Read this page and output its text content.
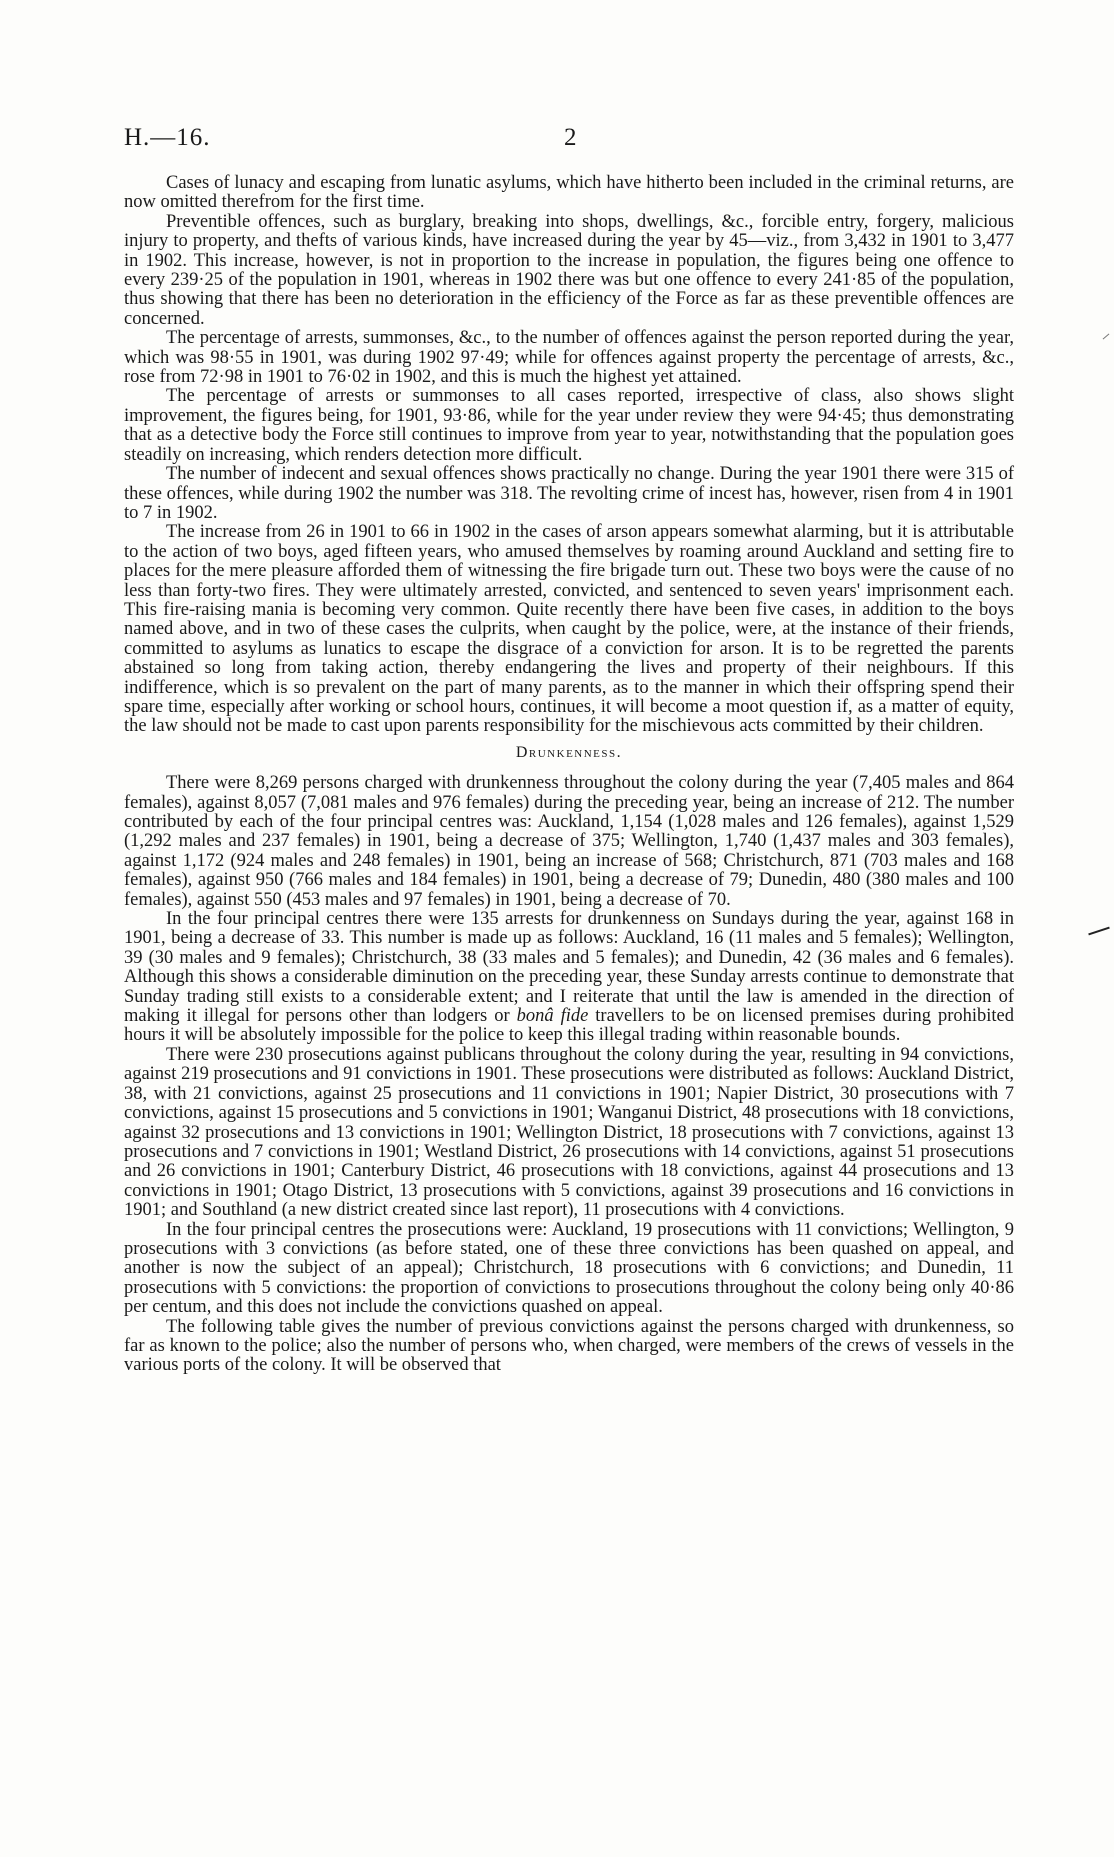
H.—16.	2

Cases of lunacy and escaping from lunatic asylums, which have hitherto been included in the criminal returns, are now omitted therefrom for the first time.

Preventible offences, such as burglary, breaking into shops, dwellings, &c., forcible entry, forgery, malicious injury to property, and thefts of various kinds, have increased during the year by 45—viz., from 3,432 in 1901 to 3,477 in 1902. This increase, however, is not in proportion to the increase in population, the figures being one offence to every 239·25 of the population in 1901, whereas in 1902 there was but one offence to every 241·85 of the population, thus showing that there has been no deterioration in the efficiency of the Force as far as these preventible offences are concerned.

The percentage of arrests, summonses, &c., to the number of offences against the person reported during the year, which was 98·55 in 1901, was during 1902 97·49; while for offences against property the percentage of arrests, &c., rose from 72·98 in 1901 to 76·02 in 1902, and this is much the highest yet attained.

The percentage of arrests or summonses to all cases reported, irrespective of class, also shows slight improvement, the figures being, for 1901, 93·86, while for the year under review they were 94·45; thus demonstrating that as a detective body the Force still continues to improve from year to year, notwithstanding that the population goes steadily on increasing, which renders detection more difficult.

The number of indecent and sexual offences shows practically no change. During the year 1901 there were 315 of these offences, while during 1902 the number was 318. The revolting crime of incest has, however, risen from 4 in 1901 to 7 in 1902.

The increase from 26 in 1901 to 66 in 1902 in the cases of arson appears somewhat alarming, but it is attributable to the action of two boys, aged fifteen years, who amused themselves by roaming around Auckland and setting fire to places for the mere pleasure afforded them of witnessing the fire brigade turn out. These two boys were the cause of no less than forty-two fires. They were ultimately arrested, convicted, and sentenced to seven years' imprisonment each. This fire-raising mania is becoming very common. Quite recently there have been five cases, in addition to the boys named above, and in two of these cases the culprits, when caught by the police, were, at the instance of their friends, committed to asylums as lunatics to escape the disgrace of a conviction for arson. It is to be regretted the parents abstained so long from taking action, thereby endangering the lives and property of their neighbours. If this indifference, which is so prevalent on the part of many parents, as to the manner in which their offspring spend their spare time, especially after working or school hours, continues, it will become a moot question if, as a matter of equity, the law should not be made to cast upon parents responsibility for the mischievous acts committed by their children.

Drunkenness.

There were 8,269 persons charged with drunkenness throughout the colony during the year (7,405 males and 864 females), against 8,057 (7,081 males and 976 females) during the preceding year, being an increase of 212. The number contributed by each of the four principal centres was: Auckland, 1,154 (1,028 males and 126 females), against 1,529 (1,292 males and 237 females) in 1901, being a decrease of 375; Wellington, 1,740 (1,437 males and 303 females), against 1,172 (924 males and 248 females) in 1901, being an increase of 568; Christchurch, 871 (703 males and 168 females), against 950 (766 males and 184 females) in 1901, being a decrease of 79; Dunedin, 480 (380 males and 100 females), against 550 (453 males and 97 females) in 1901, being a decrease of 70.

In the four principal centres there were 135 arrests for drunkenness on Sundays during the year, against 168 in 1901, being a decrease of 33. This number is made up as follows: Auckland, 16 (11 males and 5 females); Wellington, 39 (30 males and 9 females); Christchurch, 38 (33 males and 5 females); and Dunedin, 42 (36 males and 6 females). Although this shows a considerable diminution on the preceding year, these Sunday arrests continue to demonstrate that Sunday trading still exists to a considerable extent; and I reiterate that until the law is amended in the direction of making it illegal for persons other than lodgers or bonâ fide travellers to be on licensed premises during prohibited hours it will be absolutely impossible for the police to keep this illegal trading within reasonable bounds.

There were 230 prosecutions against publicans throughout the colony during the year, resulting in 94 convictions, against 219 prosecutions and 91 convictions in 1901. These prosecutions were distributed as follows: Auckland District, 38, with 21 convictions, against 25 prosecutions and 11 convictions in 1901; Napier District, 30 prosecutions with 7 convictions, against 15 prosecutions and 5 convictions in 1901; Wanganui District, 48 prosecutions with 18 convictions, against 32 prosecutions and 13 convictions in 1901; Wellington District, 18 prosecutions with 7 convictions, against 13 prosecutions and 7 convictions in 1901; Westland District, 26 prosecutions with 14 convictions, against 51 prosecutions and 26 convictions in 1901; Canterbury District, 46 prosecutions with 18 convictions, against 44 prosecutions and 13 convictions in 1901; Otago District, 13 prosecutions with 5 convictions, against 39 prosecutions and 16 convictions in 1901; and Southland (a new district created since last report), 11 prosecutions with 4 convictions.

In the four principal centres the prosecutions were: Auckland, 19 prosecutions with 11 convictions; Wellington, 9 prosecutions with 3 convictions (as before stated, one of these three convictions has been quashed on appeal, and another is now the subject of an appeal); Christchurch, 18 prosecutions with 6 convictions; and Dunedin, 11 prosecutions with 5 convictions: the proportion of convictions to prosecutions throughout the colony being only 40·86 per centum, and this does not include the convictions quashed on appeal.

The following table gives the number of previous convictions against the persons charged with drunkenness, so far as known to the police; also the number of persons who, when charged, were members of the crews of vessels in the various ports of the colony. It will be observed that
